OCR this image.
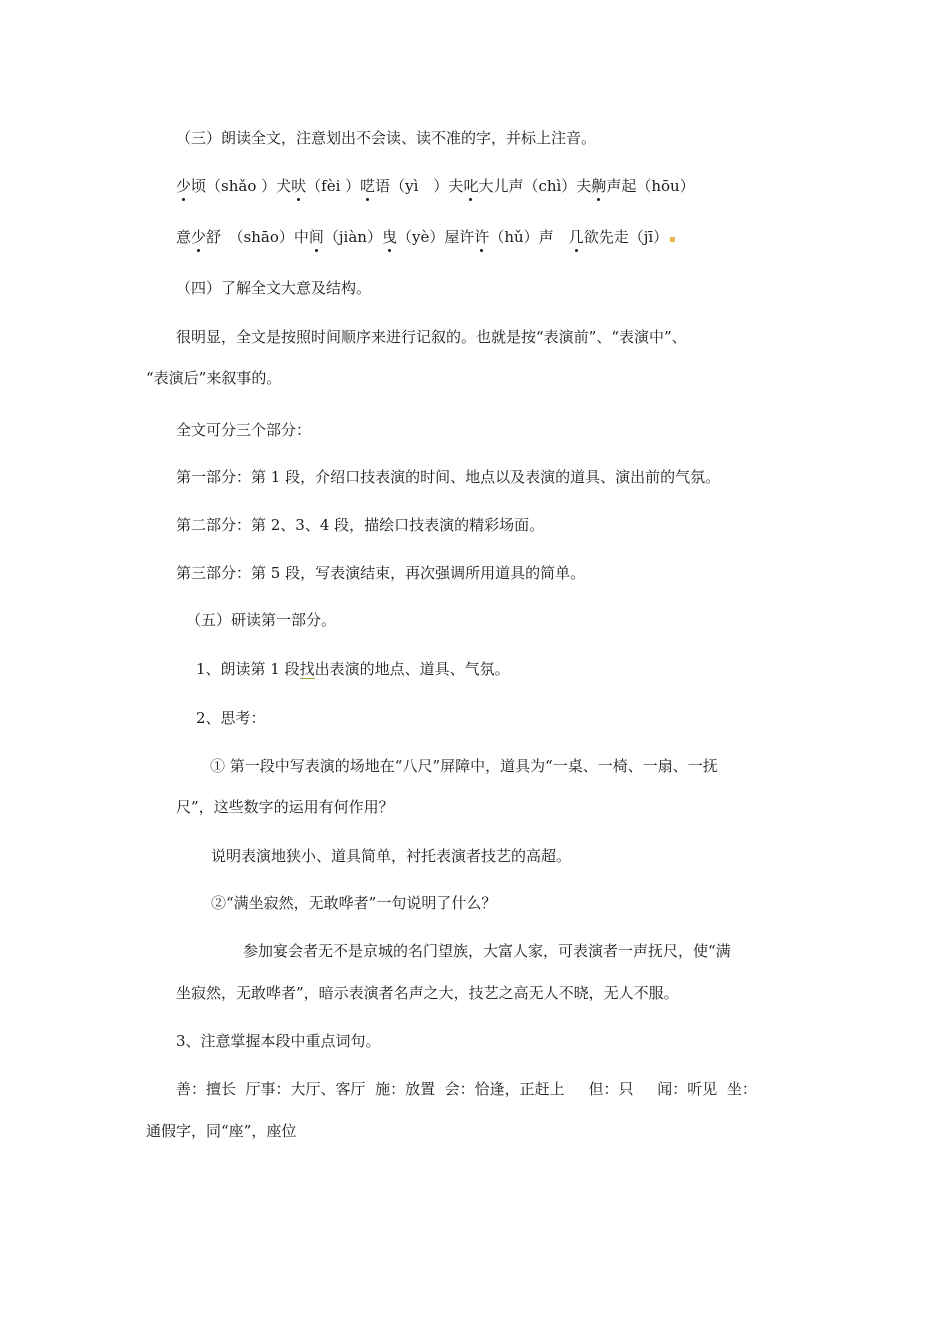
（三）朗读全文，注意划出不会读、读不准的字，并标上注音。
少顷（shǎo ）犬吠（fèi ）呓语（yì　）夫叱大儿声（chì）夫齁声起（hōu）
意少舒　（shāo）中间（jiàn）曳（yè）屋许许（hǔ）声　几欲先走（jī）
（四）了解全文大意及结构。
很明显，全文是按照时间顺序来进行记叙的。也就是按“表演前”、“表演中”、
“表演后”来叙事的。
全文可分三个部分：
第一部分：第 1 段，介绍口技表演的时间、地点以及表演的道具、演出前的气氛。
第二部分：第 2、3、4 段，描绘口技表演的精彩场面。
第三部分：第 5 段，写表演结束，再次强调所用道具的简单。
（五）研读第一部分。
1、朗读第 1 段找出表演的地点、道具、气氛。
2、思考：
① 第一段中写表演的场地在“八尺”屏障中，道具为“一桌、一椅、一扇、一抚
尺”，这些数字的运用有何作用？
说明表演地狭小、道具简单，衬托表演者技艺的高超。
②“满坐寂然，无敢哗者”一句说明了什么？
参加宴会者无不是京城的名门望族，大富人家，可表演者一声抚尺，使“满
坐寂然，无敢哗者”，暗示表演者名声之大，技艺之高无人不晓，无人不服。
3、注意掌握本段中重点词句。
善：擅长  厅事：大厅、客厅  施：放置  会：恰逢，正赶上     但：只     闻：听见  坐：
通假字，同“座”，座位
